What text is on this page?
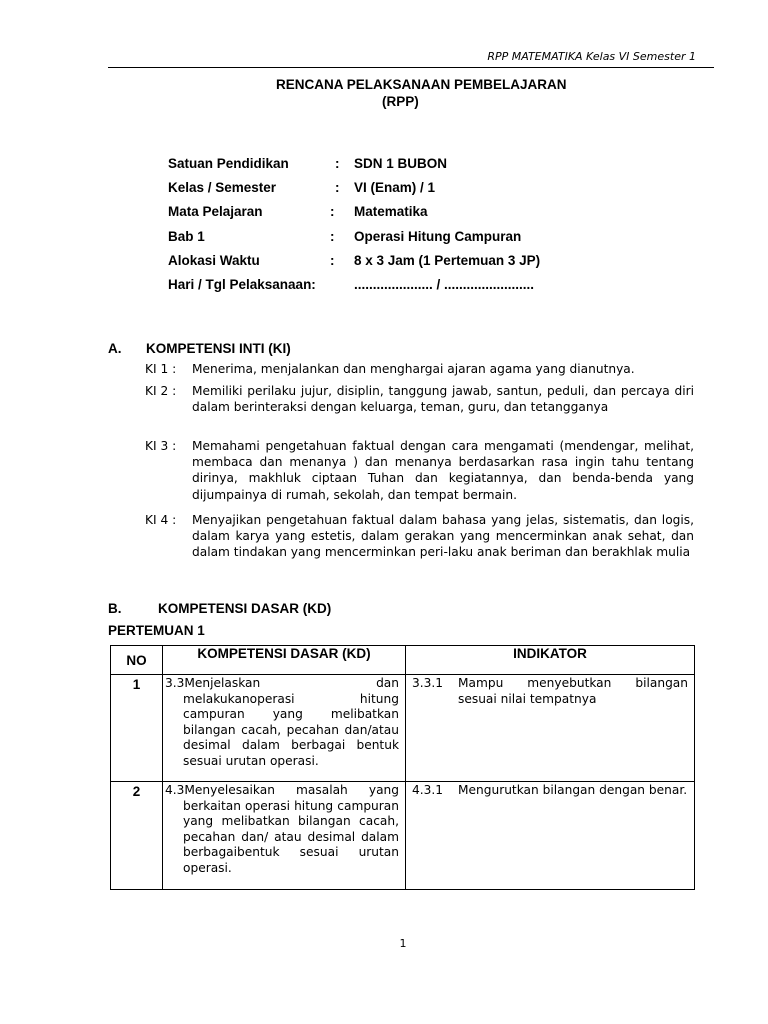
RPP MATEMATIKA Kelas VI Semester 1
RENCANA PELAKSANAAN PEMBELAJARAN
(RPP)
Satuan Pendidikan	: SDN 1 BUBON
Kelas / Semester	: VI (Enam) / 1
Mata Pelajaran	: Matematika
Bab 1	: Operasi Hitung Campuran
Alokasi Waktu	: 8 x 3 Jam (1 Pertemuan 3 JP)
Hari / Tgl Pelaksanaan:	..................... / ........................
A. KOMPETENSI INTI (KI)
KI 1 : Menerima, menjalankan dan menghargai ajaran agama yang dianutnya.
KI 2 : Memiliki perilaku jujur, disiplin, tanggung jawab, santun, peduli, dan percaya diri dalam berinteraksi dengan keluarga, teman, guru, dan tetangganya
KI 3 : Memahami pengetahuan faktual dengan cara mengamati (mendengar, melihat, membaca dan menanya ) dan menanya berdasarkan rasa ingin tahu tentang dirinya, makhluk ciptaan Tuhan dan kegiatannya, dan benda-benda yang dijumpainya di rumah, sekolah, dan tempat bermain.
KI 4 : Menyajikan pengetahuan faktual dalam bahasa yang jelas, sistematis, dan logis, dalam karya yang estetis, dalam gerakan yang mencerminkan anak sehat, dan dalam tindakan yang mencerminkan peri-laku anak beriman dan berakhlak mulia
B.	KOMPETENSI DASAR (KD)
PERTEMUAN 1
NO	KOMPETENSI DASAR (KD)	INDIKATOR
1	3.3Menjelaskan dan melakukanoperasi hitung campuran yang melibatkan bilangan cacah, pecahan dan/atau desimal dalam berbagai bentuk sesuai urutan operasi.	3.3.1 Mampu menyebutkan bilangan sesuai nilai tempatnya

2	4.3Menyelesaikan masalah yang berkaitan operasi hitung campuran yang melibatkan bilangan cacah, pecahan dan/ atau desimal dalam berbagaibentuk sesuai urutan operasi.	4.3.1 Mengurutkan bilangan dengan benar.
1
